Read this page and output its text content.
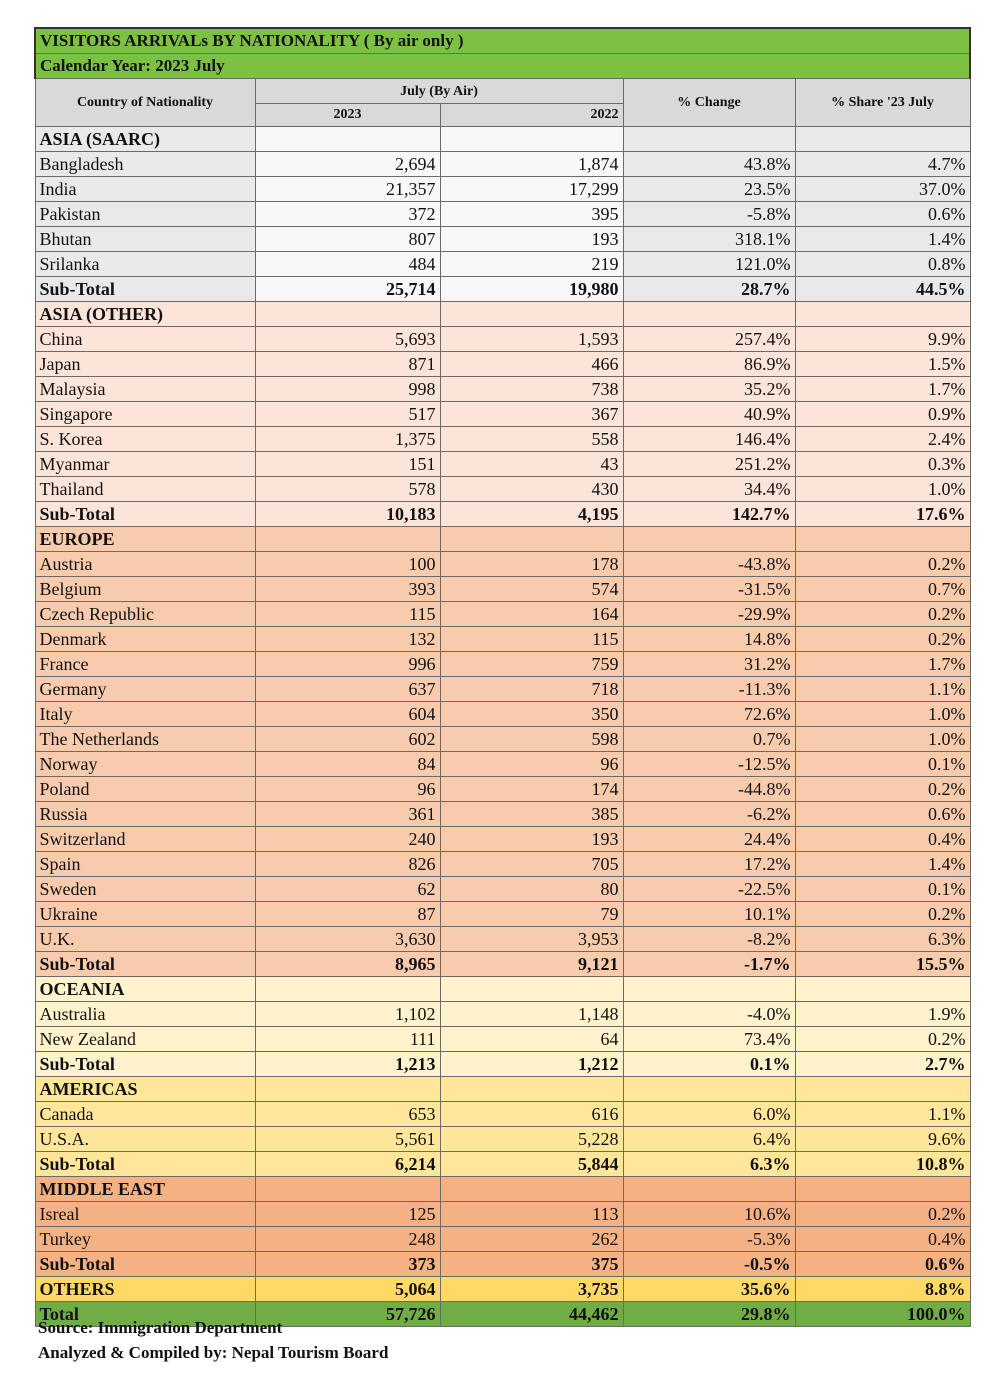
VISITORS ARRIVALs BY NATIONALITY ( By air only )				
Calendar Year: 2023 July				
Country of Nationality	July (By Air)		% Change	% Share '23 July
	2023	2022		
ASIA (SAARC)				
Bangladesh	2,694	1,874	43.8%	4.7%
India	21,357	17,299	23.5%	37.0%
Pakistan	372	395	-5.8%	0.6%
Bhutan	807	193	318.1%	1.4%
Srilanka	484	219	121.0%	0.8%
Sub-Total	25,714	19,980	28.7%	44.5%
ASIA (OTHER)				
China	5,693	1,593	257.4%	9.9%
Japan	871	466	86.9%	1.5%
Malaysia	998	738	35.2%	1.7%
Singapore	517	367	40.9%	0.9%
S. Korea	1,375	558	146.4%	2.4%
Myanmar	151	43	251.2%	0.3%
Thailand	578	430	34.4%	1.0%
Sub-Total	10,183	4,195	142.7%	17.6%
EUROPE				
Austria	100	178	-43.8%	0.2%
Belgium	393	574	-31.5%	0.7%
Czech Republic	115	164	-29.9%	0.2%
Denmark	132	115	14.8%	0.2%
France	996	759	31.2%	1.7%
Germany	637	718	-11.3%	1.1%
Italy	604	350	72.6%	1.0%
The Netherlands	602	598	0.7%	1.0%
Norway	84	96	-12.5%	0.1%
Poland	96	174	-44.8%	0.2%
Russia	361	385	-6.2%	0.6%
Switzerland	240	193	24.4%	0.4%
Spain	826	705	17.2%	1.4%
Sweden	62	80	-22.5%	0.1%
Ukraine	87	79	10.1%	0.2%
U.K.	3,630	3,953	-8.2%	6.3%
Sub-Total	8,965	9,121	-1.7%	15.5%
OCEANIA				
Australia	1,102	1,148	-4.0%	1.9%
New Zealand	111	64	73.4%	0.2%
Sub-Total	1,213	1,212	0.1%	2.7%
AMERICAS				
Canada	653	616	6.0%	1.1%
U.S.A.	5,561	5,228	6.4%	9.6%
Sub-Total	6,214	5,844	6.3%	10.8%
MIDDLE EAST				
Isreal	125	113	10.6%	0.2%
Turkey	248	262	-5.3%	0.4%
Sub-Total	373	375	-0.5%	0.6%
OTHERS	5,064	3,735	35.6%	8.8%
Total	57,726	44,462	29.8%	100.0%
Source: Immigration Department
Analyzed & Compiled by: Nepal Tourism Board
